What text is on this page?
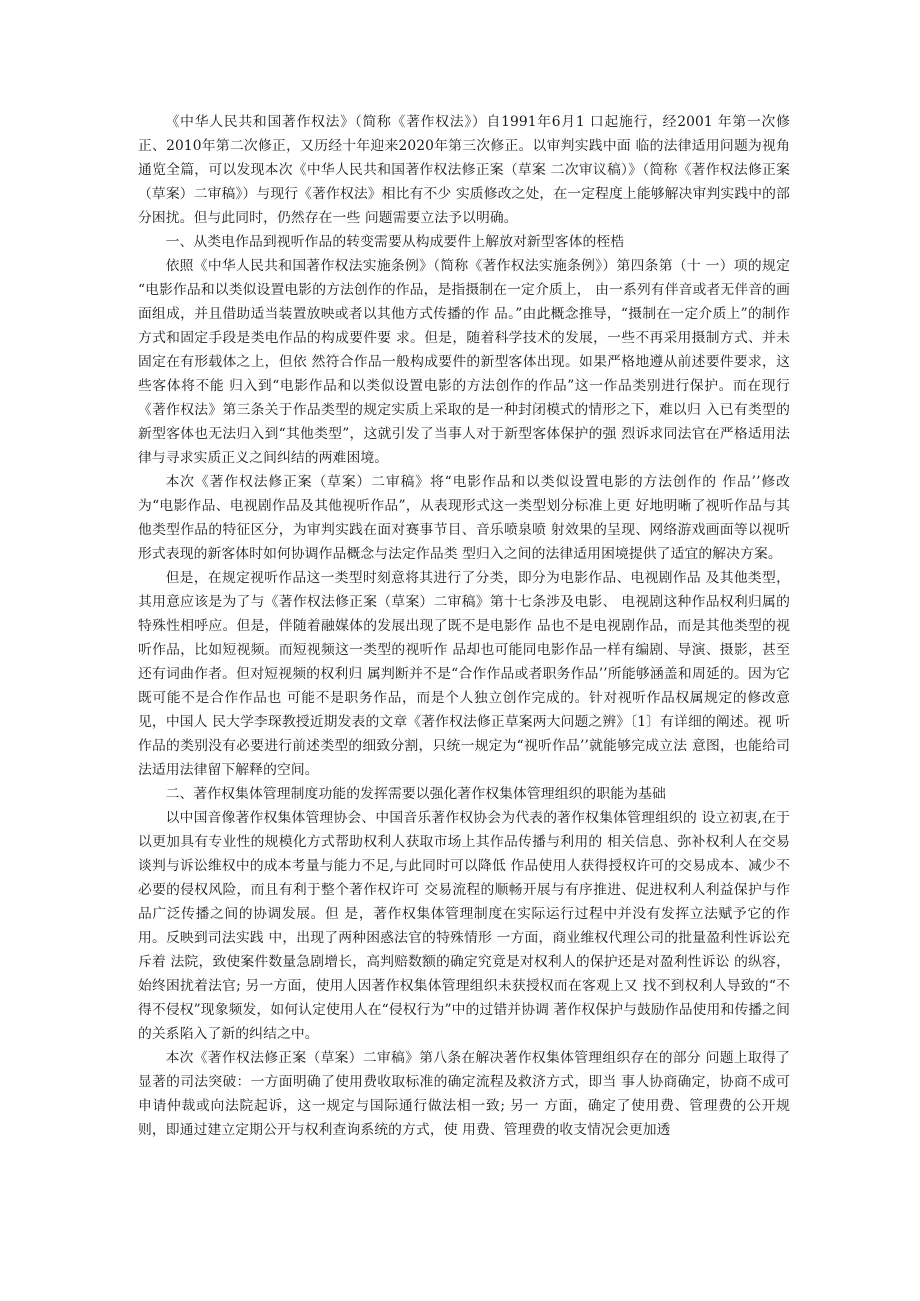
《中华人民共和国著作权法》（简称《著作权法》）自1991年6月1 口起施行，经2001 年第一次修正、2010年第二次修正，又历经十年迎来2020年第三次修正。以审判实践中面 临的法律适用问题为视角通览全篇，可以发现本次《中华人民共和国著作权法修正案（草案 二次审议稿）》（简称《著作权法修正案（草案）二审稿》）与现行《著作权法》相比有不少 实质修改之处，在一定程度上能够解决审判实践中的部分困扰。但与此同时，仍然存在一些 问题需要立法予以明确。

一、从类电作品到视听作品的转变需要从构成要件上解放对新型客体的桎梏

依照《中华人民共和国著作权法实施条例》（简称《著作权法实施条例》）第四条第（十 一）项的规定 “电影作品和以类似设置电影的方法创作的作品，是指摄制在一定介质上， 由一系列有伴音或者无伴音的画面组成，并且借助适当装置放映或者以其他方式传播的作 品。”由此概念推导，“摄制在一定介质上”的制作方式和固定手段是类电作品的构成要件要 求。但是，随着科学技术的发展，一些不再采用摄制方式、并未固定在有形载体之上，但依 然符合作品一般构成要件的新型客体出现。如果严格地遵从前述要件要求，这些客体将不能 归入到“电影作品和以类似设置电影的方法创作的作品”这一作品类别进行保护。而在现行 《著作权法》第三条关于作品类型的规定实质上采取的是一种封闭模式的情形之下，难以归 入已有类型的新型客体也无法归入到“其他类型”，这就引发了当事人对于新型客体保护的强 烈诉求同法官在严格适用法律与寻求实质正义之间纠结的两难困境。

本次《著作权法修正案（草案）二审稿》将“电影作品和以类似设置电影的方法创作的 作品’’修改为“电影作品、电视剧作品及其他视听作品”，从表现形式这一类型划分标准上更 好地明晰了视听作品与其他类型作品的特征区分，为审判实践在面对赛事节目、音乐喷泉喷 射效果的呈现、网络游戏画面等以视听形式表现的新客体时如何协调作品概念与法定作品类 型归入之间的法律适用困境提供了适宜的解决方案。

但是，在规定视听作品这一类型时刻意将其进行了分类，即分为电影作品、电视剧作品 及其他类型，其用意应该是为了与《著作权法修正案（草案）二审稿》第十七条涉及电影、 电视剧这种作品权利归属的特殊性相呼应。但是，伴随着融媒体的发展出现了既不是电影作 品也不是电视剧作品，而是其他类型的视听作品，比如短视频。而短视频这一类型的视听作 品却也可能同电影作品一样有编剧、导演、摄影，甚至还有词曲作者。但对短视频的权利归 属判断并不是“合作作品或者职务作品’’所能够涵盖和周延的。因为它既可能不是合作作品也 可能不是职务作品，而是个人独立创作完成的。针对视听作品权属规定的修改意见，中国人 民大学李琛教授近期发表的文章《著作权法修正草案两大问题之辨》〔1〕有详细的阐述。视 听作品的类别没有必要进行前述类型的细致分割，只统一规定为“视听作品’’就能够完成立法 意图，也能给司法适用法律留下解释的空间。

二、著作权集体管理制度功能的发挥需要以强化著作权集体管理组织的职能为基础

以中国音像著作权集体管理协会、中国音乐著作权协会为代表的著作权集体管理组织的 设立初衷,在于以更加具有专业性的规模化方式帮助权利人获取市场上其作品传播与利用的 相关信息、弥补权利人在交易谈判与诉讼维权中的成本考量与能力不足,与此同时可以降低 作品使用人获得授权许可的交易成本、减少不必要的侵权风险，而且有利于整个著作权许可 交易流程的顺畅开展与有序推进、促进权利人利益保护与作品广泛传播之间的协调发展。但 是，著作权集体管理制度在实际运行过程中并没有发挥立法赋予它的作用。反映到司法实践 中，出现了两种困惑法官的特殊情形 一方面，商业维权代理公司的批量盈利性诉讼充斥着 法院，致使案件数量急剧增长，高判赔数额的确定究竟是对权利人的保护还是对盈利性诉讼 的纵容，始终困扰着法官; 另一方面，使用人因著作权集体管理组织未获授权而在客观上又 找不到权利人导致的“不得不侵权”现象频发，如何认定使用人在“侵权行为”中的过错并协调 著作权保护与鼓励作品使用和传播之间的关系陷入了新的纠结之中。

本次《著作权法修正案（草案）二审稿》第八条在解决著作权集体管理组织存在的部分 问题上取得了显著的司法突破：一方面明确了使用费收取标准的确定流程及救济方式，即当 事人协商确定，协商不成可申请仲裁或向法院起诉，这一规定与国际通行做法相一致; 另一 方面，确定了使用费、管理费的公开规则，即通过建立定期公开与权利查询系统的方式，使 用费、管理费的收支情况会更加透
